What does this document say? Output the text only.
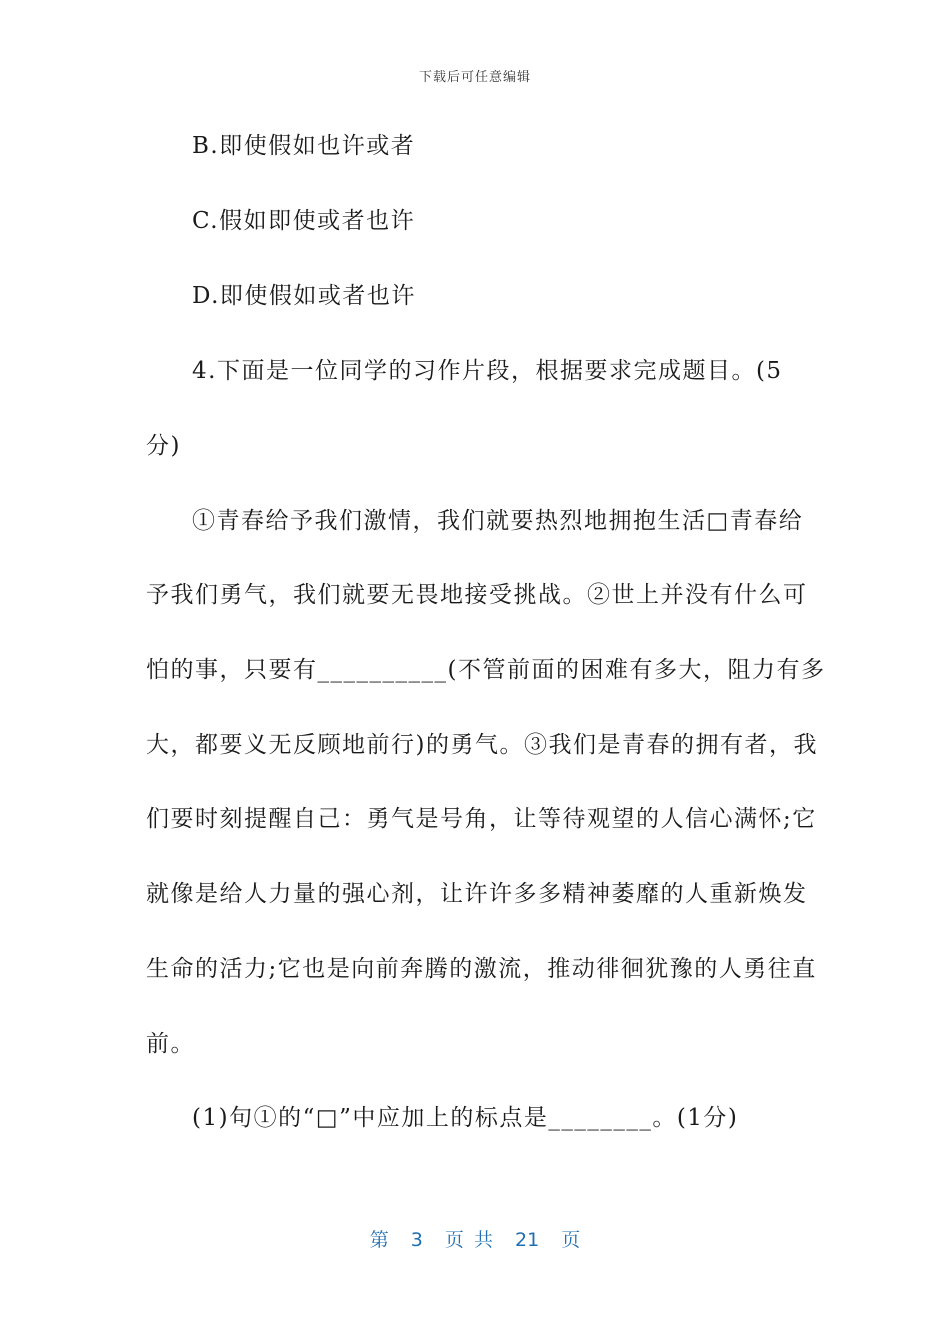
下载后可任意编辑
B.即使假如也许或者
C.假如即使或者也许
D.即使假如或者也许
4.下面是一位同学的习作片段，根据要求完成题目。(5
分)
①青春给予我们激情，我们就要热烈地拥抱生活□青春给
予我们勇气，我们就要无畏地接受挑战。②世上并没有什么可
怕的事，只要有__________(不管前面的困难有多大，阻力有多
大，都要义无反顾地前行)的勇气。③我们是青春的拥有者，我
们要时刻提醒自己：勇气是号角，让等待观望的人信心满怀;它
就像是给人力量的强心剂，让许许多多精神萎靡的人重新焕发
生命的活力;它也是向前奔腾的激流，推动徘徊犹豫的人勇往直
前。
(1)句①的“□”中应加上的标点是________。(1分)
第 3 页 共 21 页
